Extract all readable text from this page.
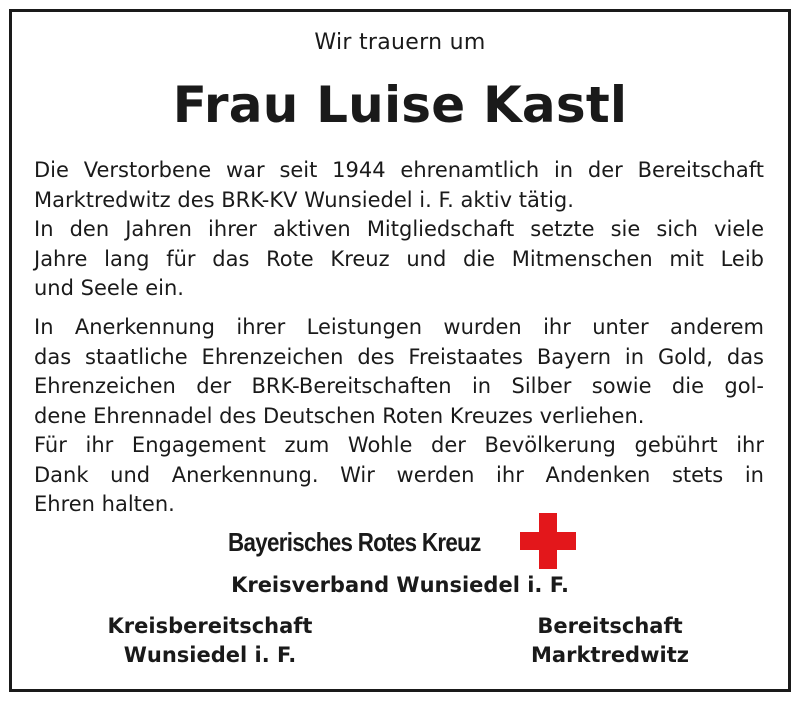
Wir trauern um
Frau Luise Kastl
Die Verstorbene war seit 1944 ehrenamtlich in der Bereitschaft
Marktredwitz des BRK-KV Wunsiedel i. F. aktiv tätig.
In den Jahren ihrer aktiven Mitgliedschaft setzte sie sich viele
Jahre lang für das Rote Kreuz und die Mitmenschen mit Leib
und Seele ein.
In Anerkennung ihrer Leistungen wurden ihr unter anderem
das staatliche Ehrenzeichen des Freistaates Bayern in Gold, das
Ehrenzeichen der BRK-Bereitschaften in Silber sowie die gol-
dene Ehrennadel des Deutschen Roten Kreuzes verliehen.
Für ihr Engagement zum Wohle der Bevölkerung gebührt ihr
Dank und Anerkennung. Wir werden ihr Andenken stets in
Ehren halten.
Bayerisches Rotes Kreuz
Kreisverband Wunsiedel i. F.
Kreisbereitschaft
Wunsiedel i. F.
Bereitschaft
Marktredwitz
